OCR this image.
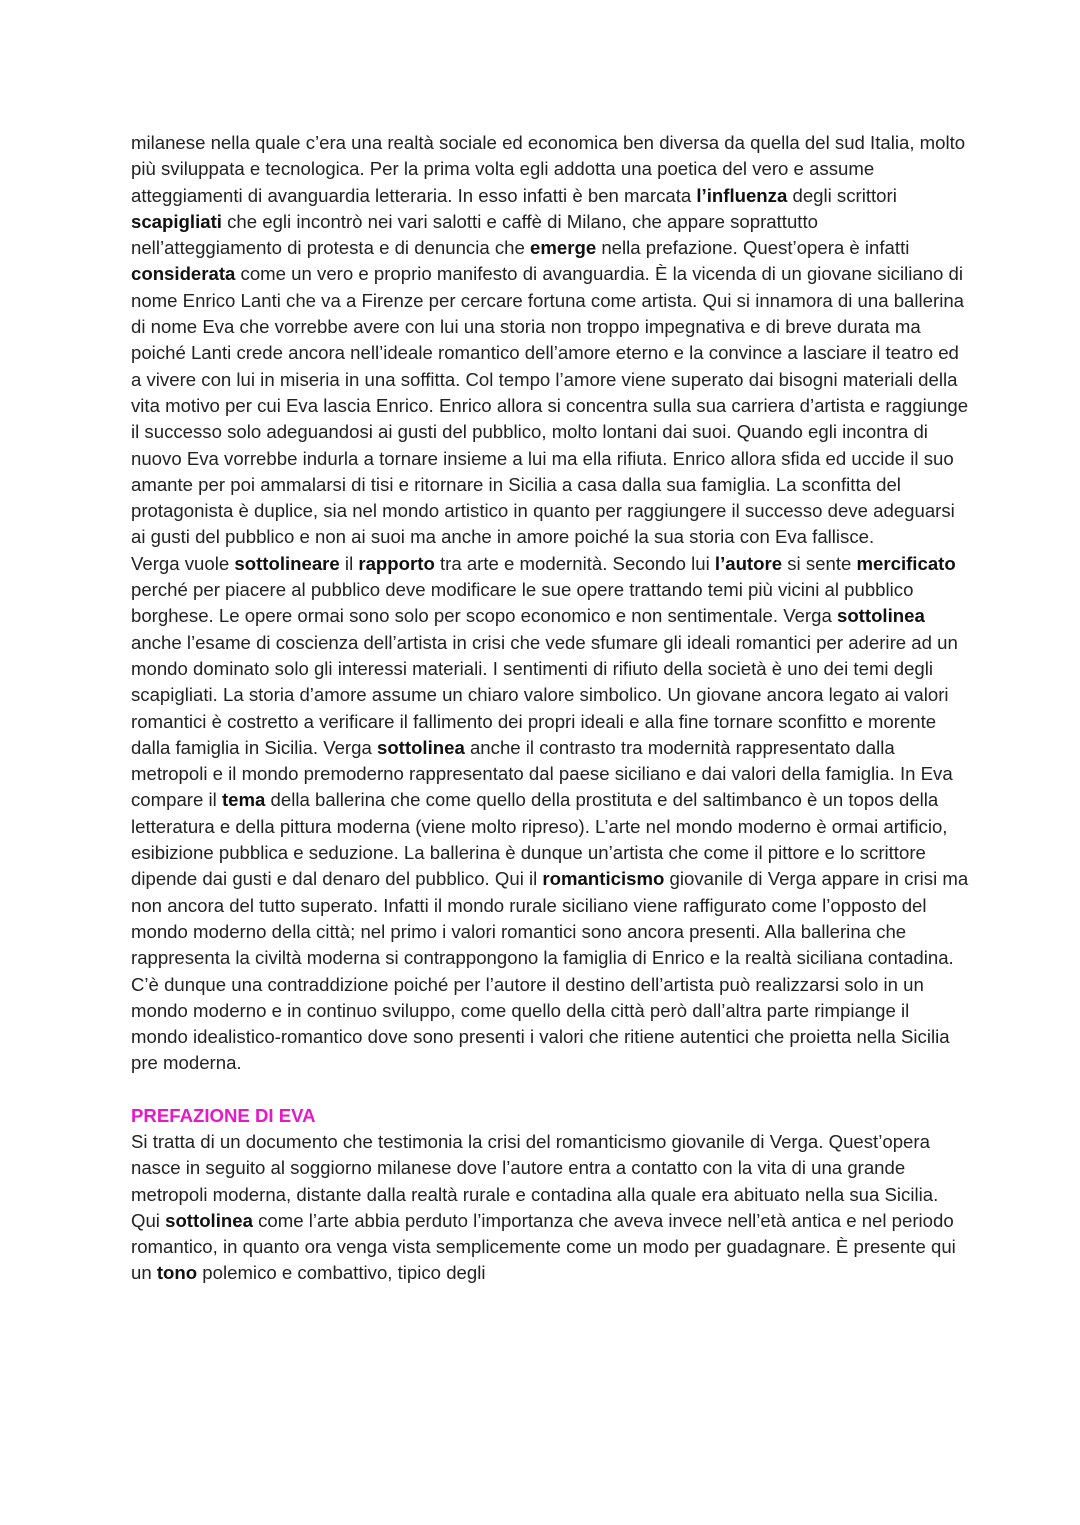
milanese nella quale c’era una realtà sociale ed economica ben diversa da quella del sud Italia, molto più sviluppata e tecnologica. Per la prima volta egli addotta una poetica del vero e assume atteggiamenti di avanguardia letteraria. In esso infatti è ben marcata l’influenza degli scrittori scapigliati che egli incontrò nei vari salotti e caffè di Milano, che appare soprattutto nell’atteggiamento di protesta e di denuncia che emerge nella prefazione. Quest’opera è infatti considerata come un vero e proprio manifesto di avanguardia. È la vicenda di un giovane siciliano di nome Enrico Lanti che va a Firenze per cercare fortuna come artista. Qui si innamora di una ballerina di nome Eva che vorrebbe avere con lui una storia non troppo impegnativa e di breve durata ma poiché Lanti crede ancora nell’ideale romantico dell’amore eterno e la convince a lasciare il teatro ed a vivere con lui in miseria in una soffitta. Col tempo l’amore viene superato dai bisogni materiali della vita motivo per cui Eva lascia Enrico. Enrico allora si concentra sulla sua carriera d’artista e raggiunge il successo solo adeguandosi ai gusti del pubblico, molto lontani dai suoi. Quando egli incontra di nuovo Eva vorrebbe indurla a tornare insieme a lui ma ella rifiuta. Enrico allora sfida ed uccide il suo amante per poi ammalarsi di tisi e ritornare in Sicilia a casa dalla sua famiglia. La sconfitta del protagonista è duplice, sia nel mondo artistico in quanto per raggiungere il successo deve adeguarsi ai gusti del pubblico e non ai suoi ma anche in amore poiché la sua storia con Eva fallisce.

Verga vuole sottolineare il rapporto tra arte e modernità. Secondo lui l’autore si sente mercificato perché per piacere al pubblico deve modificare le sue opere trattando temi più vicini al pubblico borghese. Le opere ormai sono solo per scopo economico e non sentimentale. Verga sottolinea anche l’esame di coscienza dell’artista in crisi che vede sfumare gli ideali romantici per aderire ad un mondo dominato solo gli interessi materiali. I sentimenti di rifiuto della società è uno dei temi degli scapigliati. La storia d’amore assume un chiaro valore simbolico. Un giovane ancora legato ai valori romantici è costretto a verificare il fallimento dei propri ideali e alla fine tornare sconfitto e morente dalla famiglia in Sicilia. Verga sottolinea anche il contrasto tra modernità rappresentato dalla metropoli e il mondo premoderno rappresentato dal paese siciliano e dai valori della famiglia. In Eva compare il tema della ballerina che come quello della prostituta e del saltimbanco è un topos della letteratura e della pittura moderna (viene molto ripreso). L’arte nel mondo moderno è ormai artificio, esibizione pubblica e seduzione. La ballerina è dunque un’artista che come il pittore e lo scrittore dipende dai gusti e dal denaro del pubblico. Qui il romanticismo giovanile di Verga appare in crisi ma non ancora del tutto superato. Infatti il mondo rurale siciliano viene raffigurato come l’opposto del mondo moderno della città; nel primo i valori romantici sono ancora presenti. Alla ballerina che rappresenta la civiltà moderna si contrappongono la famiglia di Enrico e la realtà siciliana contadina. C’è dunque una contraddizione poiché per l’autore il destino dell’artista può realizzarsi solo in un mondo moderno e in continuo sviluppo, come quello della città però dall’altra parte rimpiange il mondo idealistico-romantico dove sono presenti i valori che ritiene autentici che proietta nella Sicilia pre moderna.

PREFAZIONE DI EVA

Si tratta di un documento che testimonia la crisi del romanticismo giovanile di Verga. Quest’opera nasce in seguito al soggiorno milanese dove l’autore entra a contatto con la vita di una grande metropoli moderna, distante dalla realtà rurale e contadina alla quale era abituato nella sua Sicilia. Qui sottolinea come l’arte abbia perduto l’importanza che aveva invece nell’età antica e nel periodo romantico, in quanto ora venga vista semplicemente come un modo per guadagnare. È presente qui un tono polemico e combattivo, tipico degli
